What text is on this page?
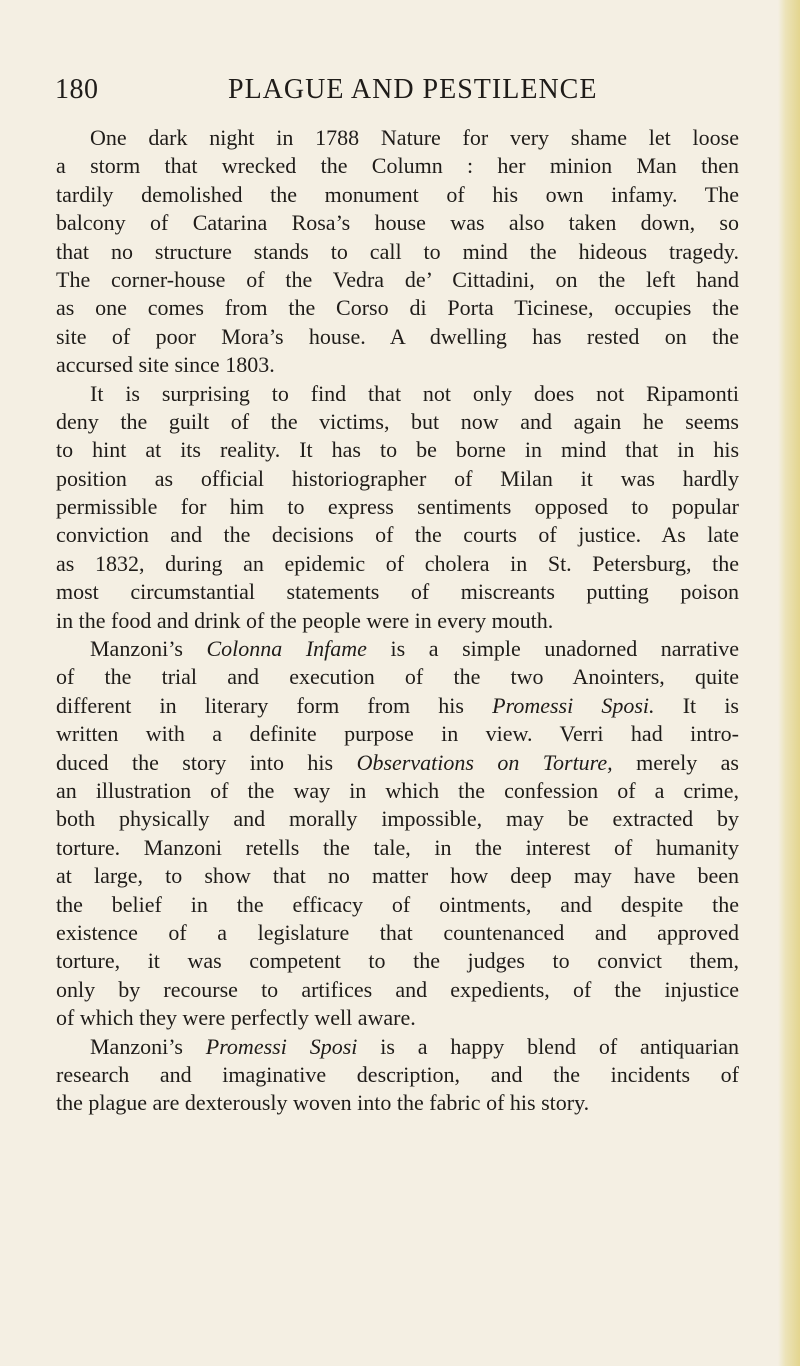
180	PLAGUE AND PESTILENCE
One dark night in 1788 Nature for very shame let loose
a storm that wrecked the Column : her minion Man then
tardily demolished the monument of his own infamy. The
balcony of Catarina Rosa’s house was also taken down, so
that no structure stands to call to mind the hideous tragedy.
The corner-house of the Vedra de’ Cittadini, on the left hand
as one comes from the Corso di Porta Ticinese, occupies the
site of poor Mora’s house. A dwelling has rested on the
accursed site since 1803.
It is surprising to find that not only does not Ripamonti
deny the guilt of the victims, but now and again he seems
to hint at its reality. It has to be borne in mind that in his
position as official historiographer of Milan it was hardly
permissible for him to express sentiments opposed to popular
conviction and the decisions of the courts of justice. As late
as 1832, during an epidemic of cholera in St. Petersburg, the
most circumstantial statements of miscreants putting poison
in the food and drink of the people were in every mouth.
Manzoni’s Colonna Infame is a simple unadorned narrative
of the trial and execution of the two Anointers, quite
different in literary form from his Promessi Sposi. It is
written with a definite purpose in view. Verri had intro-
duced the story into his Observations on Torture, merely as
an illustration of the way in which the confession of a crime,
both physically and morally impossible, may be extracted by
torture. Manzoni retells the tale, in the interest of humanity
at large, to show that no matter how deep may have been
the belief in the efficacy of ointments, and despite the
existence of a legislature that countenanced and approved
torture, it was competent to the judges to convict them,
only by recourse to artifices and expedients, of the injustice
of which they were perfectly well aware.
Manzoni’s Promessi Sposi is a happy blend of antiquarian
research and imaginative description, and the incidents of
the plague are dexterously woven into the fabric of his story.
